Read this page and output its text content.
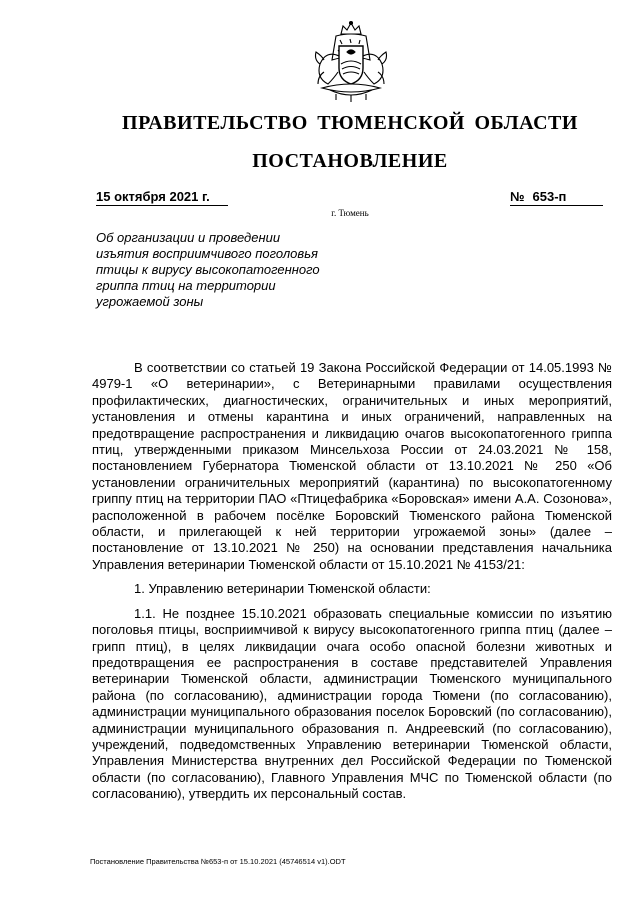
ПРАВИТЕЛЬСТВО ТЮМЕНСКОЙ ОБЛАСТИ
ПОСТАНОВЛЕНИЕ
15 октября 2021 г.	№ 653-п
г. Тюмень
Об организации и проведении изъятия восприимчивого поголовья птицы к вирусу высокопатогенного гриппа птиц на территории угрожаемой зоны

В соответствии со статьей 19 Закона Российской Федерации от 14.05.1993 № 4979-1 «О ветеринарии», с Ветеринарными правилами осуществления профилактических, диагностических, ограничительных и иных мероприятий, установления и отмены карантина и иных ограничений, направленных на предотвращение распространения и ликвидацию очагов высокопатогенного гриппа птиц, утвержденными приказом Минсельхоза России от 24.03.2021 № 158, постановлением Губернатора Тюменской области от 13.10.2021 № 250 «Об установлении ограничительных мероприятий (карантина) по высокопатогенному гриппу птиц на территории ПАО «Птицефабрика «Боровская» имени А.А. Созонова», расположенной в рабочем посёлке Боровский Тюменского района Тюменской области, и прилегающей к ней территории угрожаемой зоны» (далее – постановление от 13.10.2021 № 250) на основании представления начальника Управления ветеринарии Тюменской области от 15.10.2021 № 4153/21:

1. Управлению ветеринарии Тюменской области:

1.1. Не позднее 15.10.2021 образовать специальные комиссии по изъятию поголовья птицы, восприимчивой к вирусу высокопатогенного гриппа птиц (далее – грипп птиц), в целях ликвидации очага особо опасной болезни животных и предотвращения ее распространения в составе представителей Управления ветеринарии Тюменской области, администрации Тюменского муниципального района (по согласованию), администрации города Тюмени (по согласованию), администрации муниципального образования поселок Боровский (по согласованию), администрации муниципального образования п. Андреевский (по согласованию), учреждений, подведомственных Управлению ветеринарии Тюменской области, Управления Министерства внутренних дел Российской Федерации по Тюменской области (по согласованию), Главного Управления МЧС по Тюменской области (по согласованию), утвердить их персональный состав.

Постановление Правительства №653-п от 15.10.2021 (45746514 v1).ODT
